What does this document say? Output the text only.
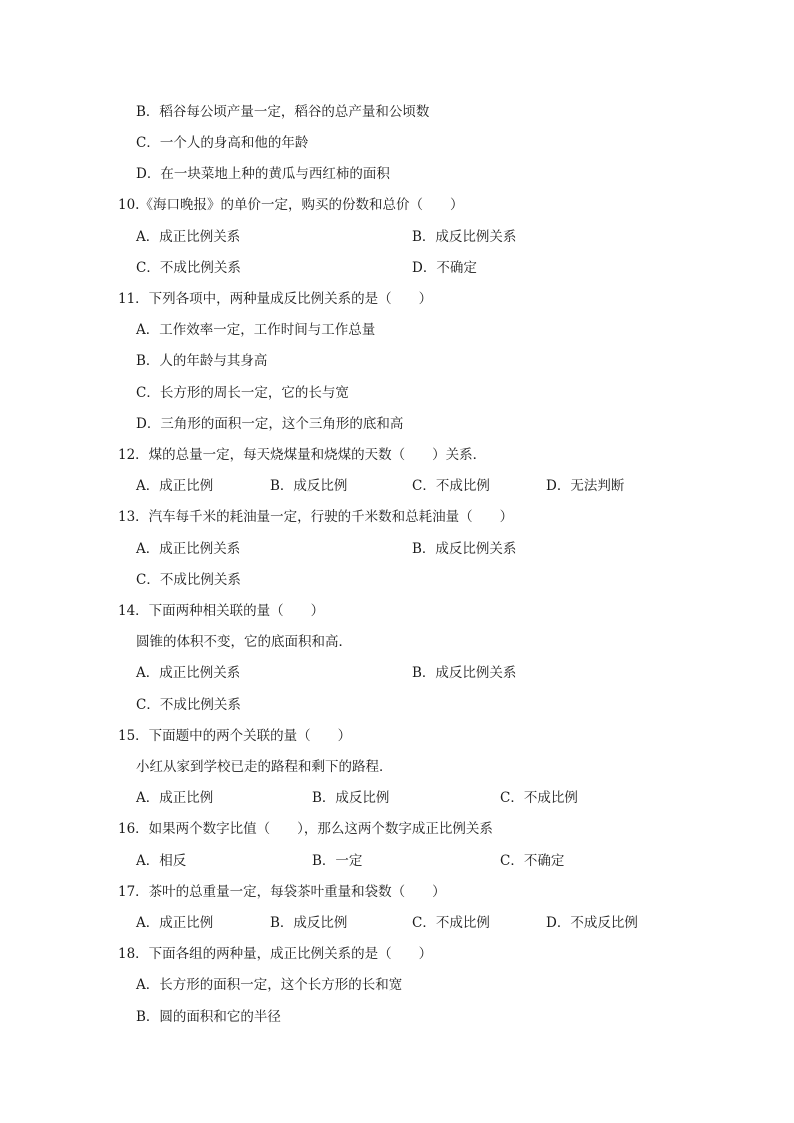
B．稻谷每公顷产量一定，稻谷的总产量和公顷数
C．一个人的身高和他的年龄
D．在一块菜地上种的黄瓜与西红柿的面积
10.《海口晚报》的单价一定，购买的份数和总价（　　）
A．成正比例关系	B．成反比例关系
C．不成比例关系	D．不确定
11．下列各项中，两种量成反比例关系的是（　　）
A．工作效率一定，工作时间与工作总量
B．人的年龄与其身高
C．长方形的周长一定，它的长与宽
D．三角形的面积一定，这个三角形的底和高
12．煤的总量一定，每天烧煤量和烧煤的天数（　　）关系．
A．成正比例	B．成反比例	C．不成比例	D．无法判断
13．汽车每千米的耗油量一定，行驶的千米数和总耗油量（　　）
A．成正比例关系	B．成反比例关系
C．不成比例关系
14．下面两种相关联的量（　　）
圆锥的体积不变，它的底面积和高．
A．成正比例关系	B．成反比例关系
C．不成比例关系
15．下面题中的两个关联的量（　　）
小红从家到学校已走的路程和剩下的路程．
A．成正比例	B．成反比例	C．不成比例
16．如果两个数字比值（　　），那么这两个数字成正比例关系
A．相反	B．一定	C．不确定
17．茶叶的总重量一定，每袋茶叶重量和袋数（　　）
A．成正比例	B．成反比例	C．不成比例	D．不成反比例
18．下面各组的两种量，成正比例关系的是（　　）
A．长方形的面积一定，这个长方形的长和宽
B．圆的面积和它的半径
